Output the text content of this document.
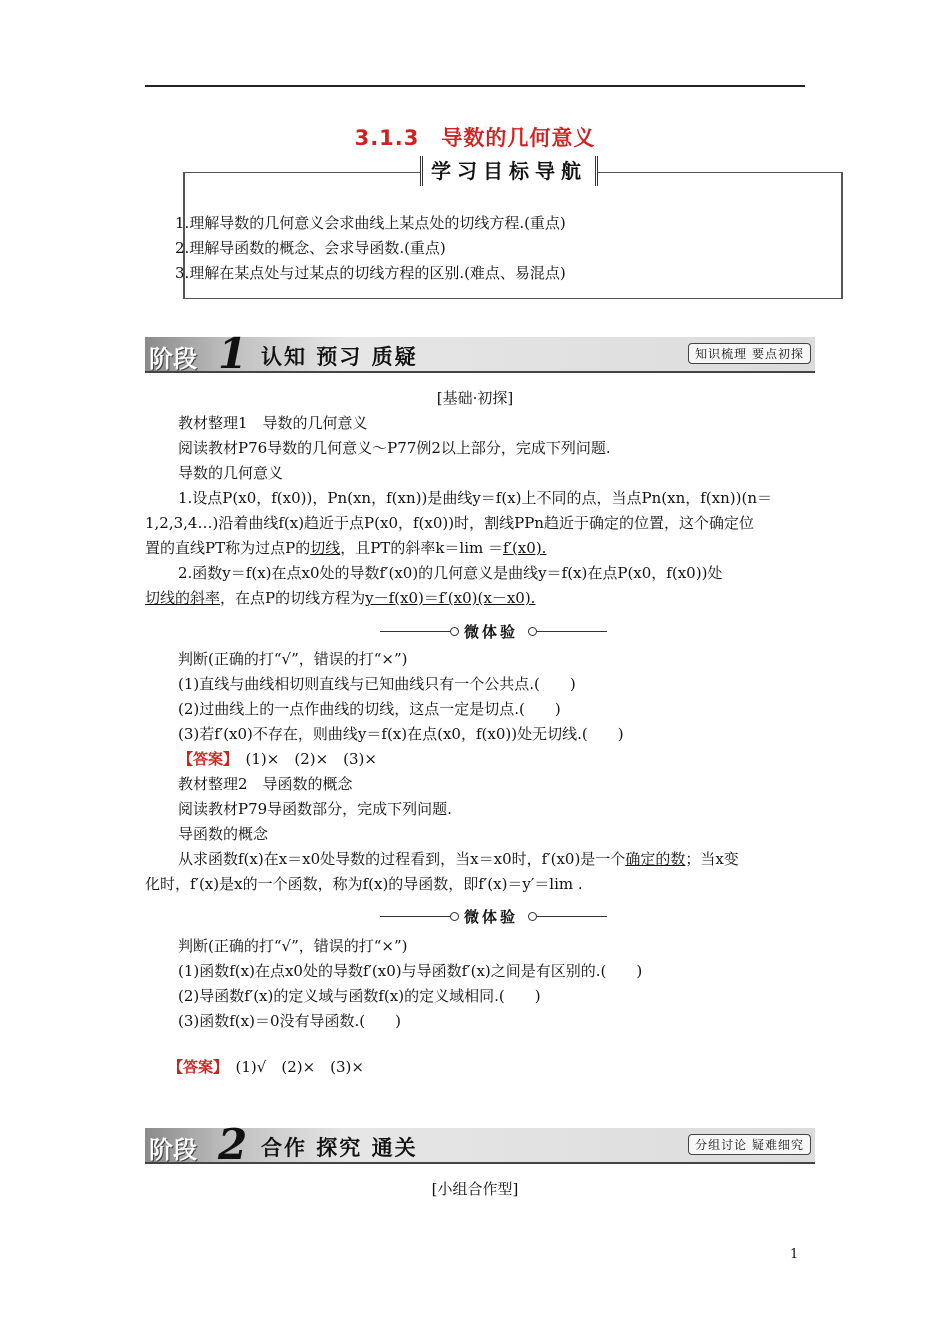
3.1.3　导数的几何意义
学习目标导航
1.理解导数的几何意义会求曲线上某点处的切线方程.(重点)
2.理解导函数的概念、会求导函数.(重点)
3.理解在某点处与过某点的切线方程的区别.(难点、易混点)
阶段 1 认知 预习 质疑	知识梳理 要点初探
[基础·初探]
教材整理1　导数的几何意义
阅读教材P76导数的几何意义～P77例2以上部分，完成下列问题.
导数的几何意义
1.设点P(x0，f(x0))，Pn(xn，f(xn))是曲线y＝f(x)上不同的点，当点Pn(xn，f(xn))(n＝
1,2,3,4…)沿着曲线f(x)趋近于点P(x0，f(x0))时，割线PPn趋近于确定的位置，这个确定位
置的直线PT称为过点P的切线，且PT的斜率k＝lim ＝f′(x0).
2.函数y＝f(x)在点x0处的导数f′(x0)的几何意义是曲线y＝f(x)在点P(x0，f(x0))处
切线的斜率，在点P的切线方程为y－f(x0)＝f′(x0)(x－x0).
微体验
判断(正确的打“√”，错误的打“×”)
(1)直线与曲线相切则直线与已知曲线只有一个公共点.(　　)
(2)过曲线上的一点作曲线的切线，这点一定是切点.(　　)
(3)若f′(x0)不存在，则曲线y＝f(x)在点(x0，f(x0))处无切线.(　　)
【答案】　 (1)×　(2)×　(3)×
教材整理2　导函数的概念
阅读教材P79导函数部分，完成下列问题.
导函数的概念
从求函数f(x)在x＝x0处导数的过程看到，当x＝x0时，f′(x0)是一个确定的数；当x变
化时，f′(x)是x的一个函数，称为f(x)的导函数，即f′(x)＝y′＝lim .
微体验
判断(正确的打“√”，错误的打“×”)
(1)函数f(x)在点x0处的导数f′(x0)与导函数f′(x)之间是有区别的.(　　)
(2)导函数f′(x)的定义域与函数f(x)的定义域相同.(　　)
(3)函数f(x)＝0没有导函数.(　　)
【答案】　 (1)√　(2)×　(3)×
阶段 2 合作 探究 通关	分组讨论 疑难细究
[小组合作型]
1
